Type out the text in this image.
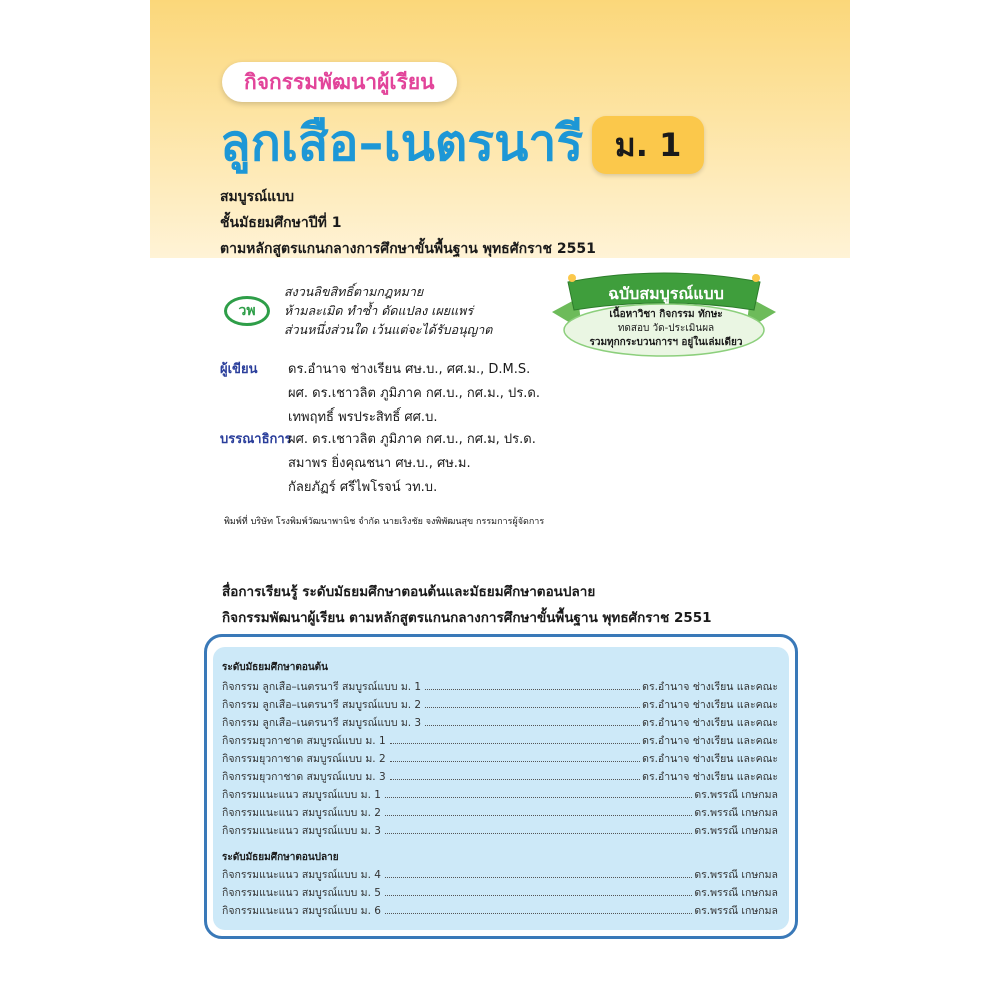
กิจกรรมพัฒนาผู้เรียน
ลูกเสือ–เนตรนารี ม. 1
สมบูรณ์แบบ
ชั้นมัธยมศึกษาปีที่ 1
ตามหลักสูตรแกนกลางการศึกษาขั้นพื้นฐาน พุทธศักราช 2551
วพ
สงวนลิขสิทธิ์ตามกฎหมาย
ห้ามละเมิด ทำซ้ำ ดัดแปลง เผยแพร่
ส่วนหนึ่งส่วนใด เว้นแต่จะได้รับอนุญาต
ฉบับสมบูรณ์แบบ
เนื้อหาวิชา กิจกรรม ทักษะ
ทดสอบ วัด-ประเมินผล
รวมทุกกระบวนการฯ อยู่ในเล่มเดียว
ผู้เขียน ดร.อำนาจ ช่างเรียน ศษ.บ., ศศ.ม., D.M.S.
ผศ. ดร.เชาวลิต ภูมิภาค กศ.บ., กศ.ม., ปร.ด.
เทพฤทธิ์ พรประสิทธิ์ ศศ.บ.
บรรณาธิการ
ผศ. ดร.เชาวลิต ภูมิภาค กศ.บ., กศ.ม, ปร.ด.
สมาพร ยิ่งคุณชนา ศษ.บ., ศษ.ม.
กัลยภัฏร์ ศรีไพโรจน์ วท.บ.
พิมพ์ที่ บริษัท โรงพิมพ์วัฒนาพานิช จำกัด นายเริงชัย จงพิพัฒนสุข กรรมการผู้จัดการ
สื่อการเรียนรู้ ระดับมัธยมศึกษาตอนต้นและมัธยมศึกษาตอนปลาย
กิจกรรมพัฒนาผู้เรียน ตามหลักสูตรแกนกลางการศึกษาขั้นพื้นฐาน พุทธศักราช 2551
ระดับมัธยมศึกษาตอนต้น
กิจกรรม ลูกเสือ–เนตรนารี สมบูรณ์แบบ ม. 1	ดร.อำนาจ ช่างเรียน และคณะ
กิจกรรม ลูกเสือ–เนตรนารี สมบูรณ์แบบ ม. 2	ดร.อำนาจ ช่างเรียน และคณะ
กิจกรรม ลูกเสือ–เนตรนารี สมบูรณ์แบบ ม. 3	ดร.อำนาจ ช่างเรียน และคณะ
กิจกรรมยุวกาชาด สมบูรณ์แบบ ม. 1	ดร.อำนาจ ช่างเรียน และคณะ
กิจกรรมยุวกาชาด สมบูรณ์แบบ ม. 2	ดร.อำนาจ ช่างเรียน และคณะ
กิจกรรมยุวกาชาด สมบูรณ์แบบ ม. 3	ดร.อำนาจ ช่างเรียน และคณะ
กิจกรรมแนะแนว สมบูรณ์แบบ ม. 1	ดร.พรรณี เกษกมล
กิจกรรมแนะแนว สมบูรณ์แบบ ม. 2	ดร.พรรณี เกษกมล
กิจกรรมแนะแนว สมบูรณ์แบบ ม. 3	ดร.พรรณี เกษกมล
ระดับมัธยมศึกษาตอนปลาย
กิจกรรมแนะแนว สมบูรณ์แบบ ม. 4	ดร.พรรณี เกษกมล
กิจกรรมแนะแนว สมบูรณ์แบบ ม. 5	ดร.พรรณี เกษกมล
กิจกรรมแนะแนว สมบูรณ์แบบ ม. 6	ดร.พรรณี เกษกมล
